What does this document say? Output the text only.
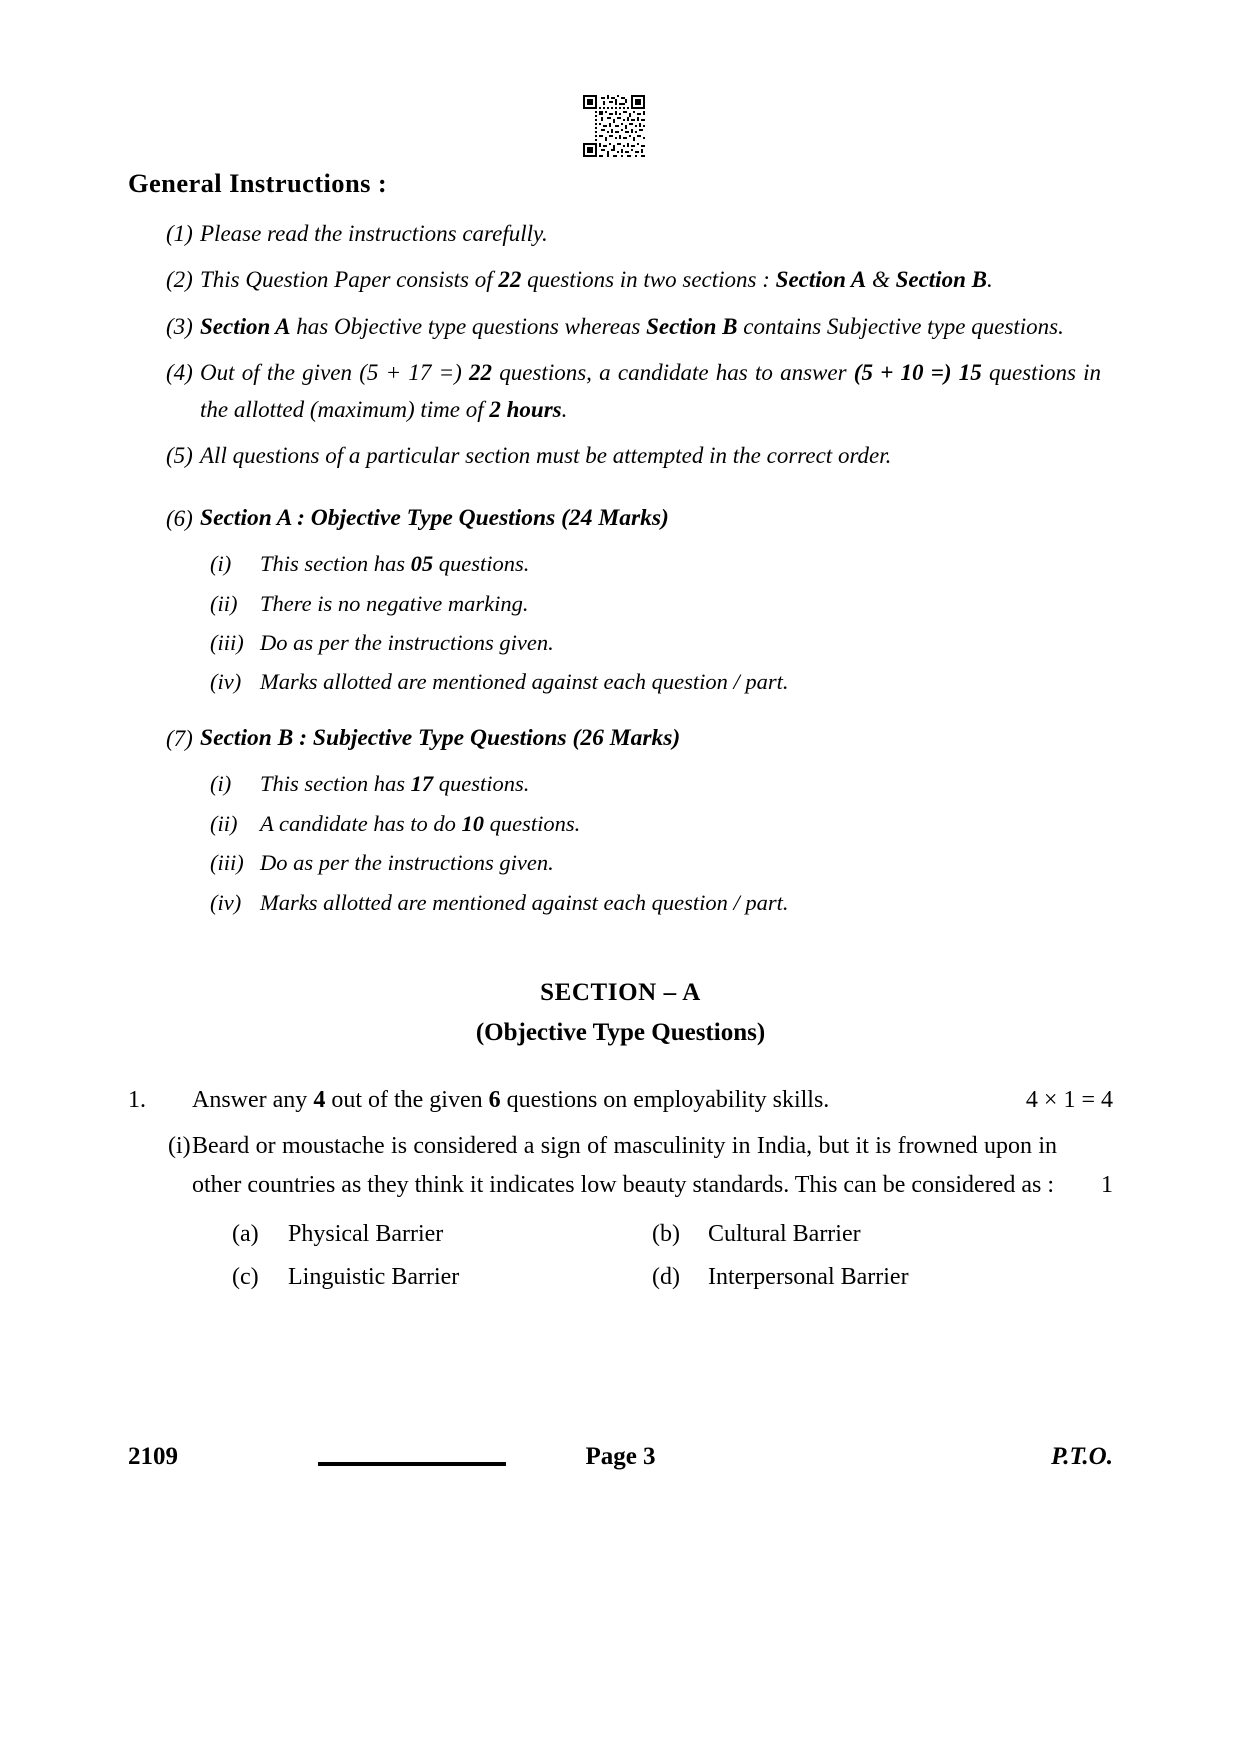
General Instructions :
(1) Please read the instructions carefully.
(2) This Question Paper consists of 22 questions in two sections : Section A & Section B.
(3) Section A has Objective type questions whereas Section B contains Subjective type questions.
(4) Out of the given (5 + 17 =) 22 questions, a candidate has to answer (5 + 10 =) 15 questions in the allotted (maximum) time of 2 hours.
(5) All questions of a particular section must be attempted in the correct order.
(6) Section A : Objective Type Questions (24 Marks)
(i)	This section has 05 questions.
(ii)	There is no negative marking.
(iii) Do as per the instructions given.
(iv) Marks allotted are mentioned against each question / part.
(7) Section B : Subjective Type Questions (26 Marks)
(i)	This section has 17 questions.
(ii)	A candidate has to do 10 questions.
(iii) Do as per the instructions given.
(iv) Marks allotted are mentioned against each question / part.
SECTION – A
(Objective Type Questions)
1.	Answer any 4 out of the given 6 questions on employability skills.	4 × 1 = 4
(i) Beard or moustache is considered a sign of masculinity in India, but it is frowned upon in other countries as they think it indicates low beauty standards. This can be considered as : 1
(a)	Physical Barrier	(b)	Cultural Barrier
(c)	Linguistic Barrier	(d)	Interpersonal Barrier
2109	Page 3	P.T.O.
